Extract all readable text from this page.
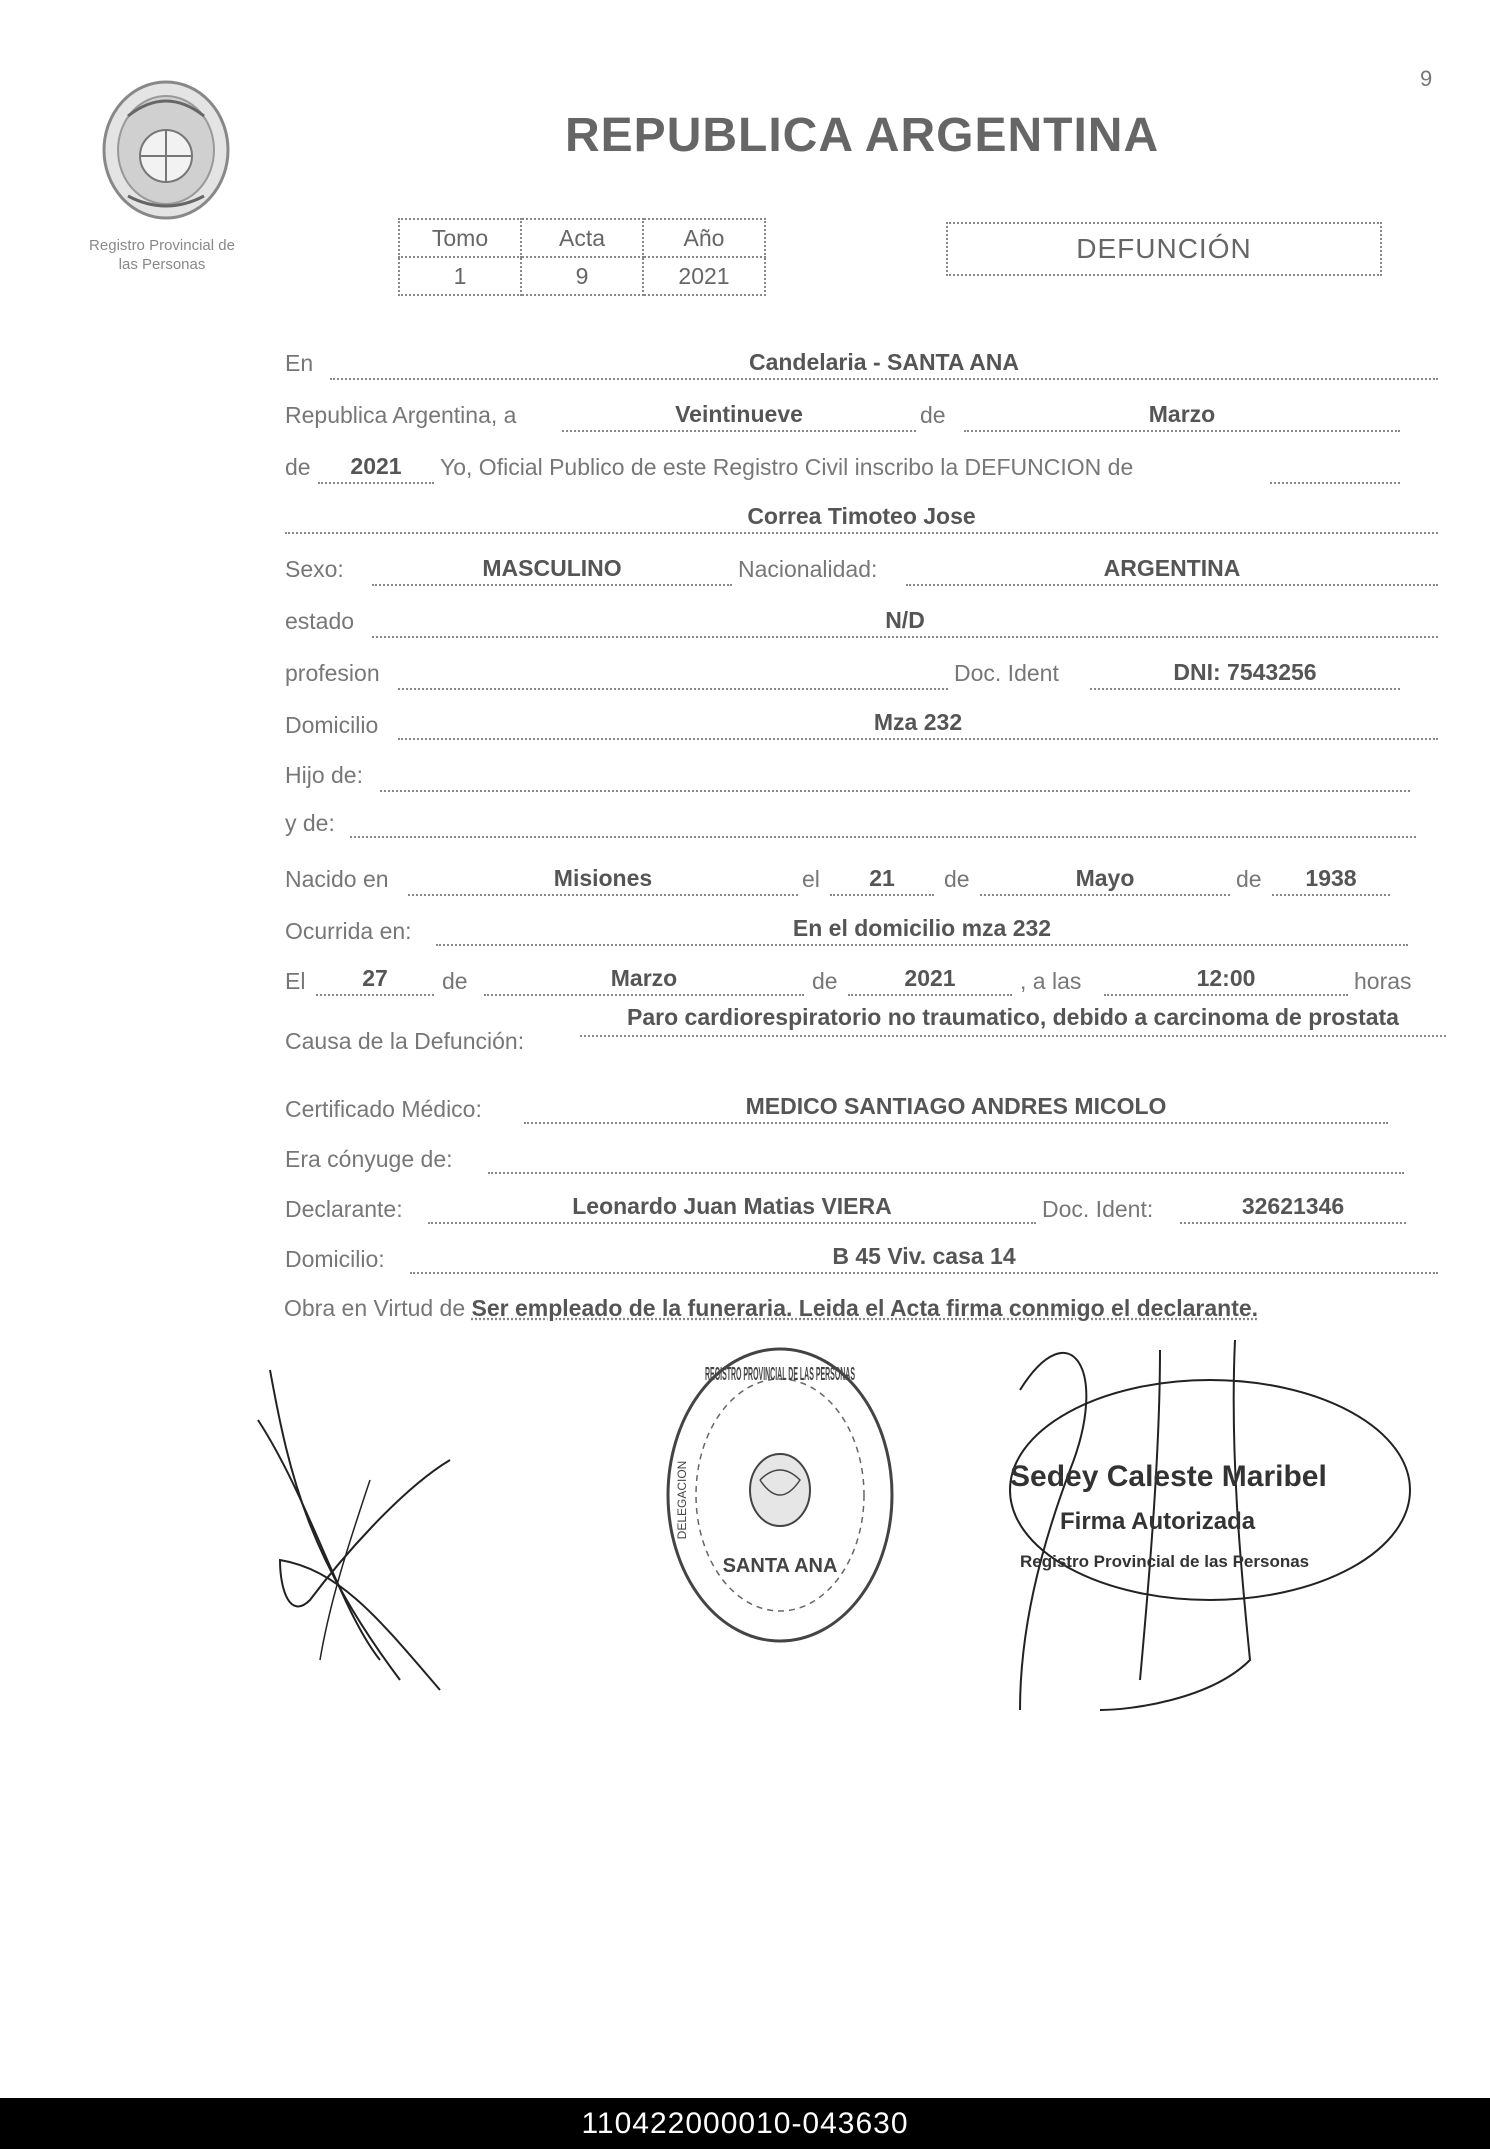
9
Registro Provincial de
las Personas
REPUBLICA ARGENTINA
Tomo	Acta	Año
1	9	2021
DEFUNCIÓN
En	Candelaria - SANTA ANA
Republica Argentina, a	Veintinueve	de	Marzo
de	2021	Yo, Oficial Publico de este Registro Civil inscribo la DEFUNCION de
Correa Timoteo Jose
Sexo:	MASCULINO	Nacionalidad:	ARGENTINA
estado	N/D
profesion	Doc. Ident	DNI: 7543256
Domicilio	Mza 232
Hijo de:
y de:
Nacido en	Misiones	el	21	de	Mayo	de	1938
Ocurrida en:	En el domicilio mza 232
El	27	de	Marzo	de	2021	, a las	12:00	horas
Causa de la Defunción:
Paro cardiorespiratorio no traumatico, debido a carcinoma de prostata
Certificado Médico:	MEDICO SANTIAGO ANDRES MICOLO
Era cónyuge de:
Declarante:	Leonardo Juan Matias VIERA	Doc. Ident:	32621346
Domicilio:	B 45 Viv. casa 14
Obra en Virtud de Ser empleado de la funeraria. Leida el Acta firma conmigo el declarante.
REGISTRO PROVINCIAL DE LAS PERSONAS
SANTA ANA
DELEGACION	Sedey Caleste Maribel
Firma Autorizada
Registro Provincial de las Personas
110422000010-043630
